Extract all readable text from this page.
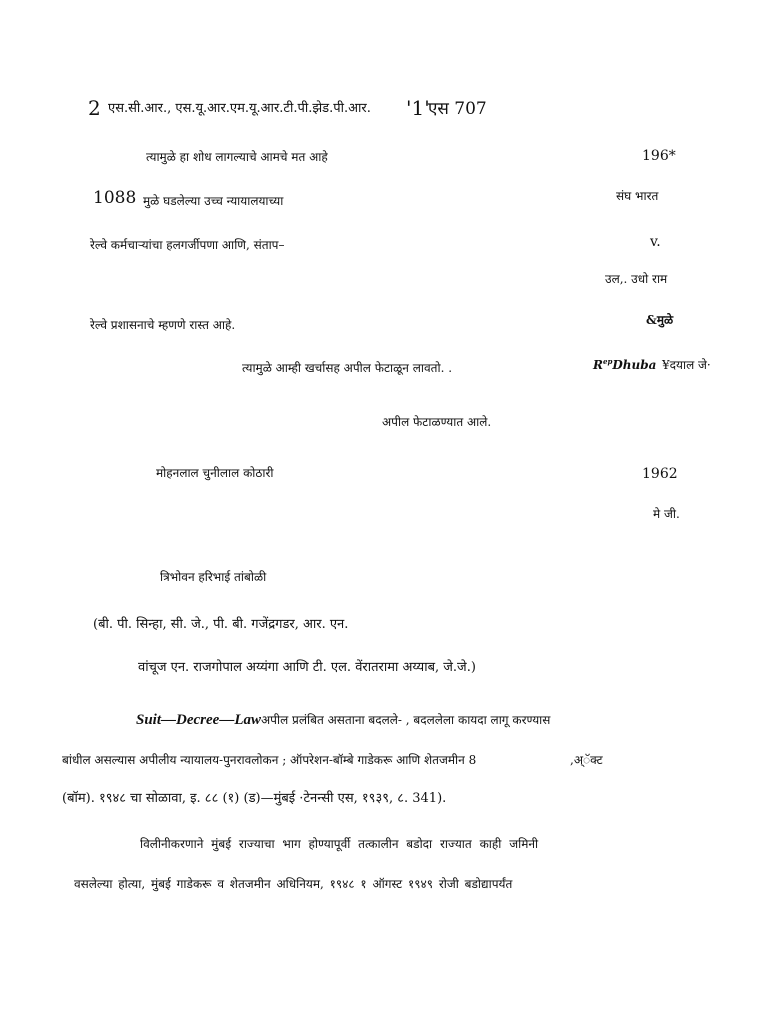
2 एस.सी.आर., एस.यू.आर.एम.यू.आर.टी.पी.झेड.पी.आर. '1'
एस 707
त्यामुळे हा शोध लागल्याचे आमचे मत आहे	196*
1088 मुळे घडलेल्या उच्च न्यायालयाच्या	संघ भारत
रेल्वे कर्मचाऱ्यांचा हलगर्जीपणा आणि, संताप–	v.
उल,. उधो राम
रेल्वे प्रशासनाचे म्हणणे रास्त आहे.	&मुळे
त्यामुळे आम्ही खर्चासह अपील फेटाळून लावतो. .	$R^{ep}Dhuba$ ¥दयाल जे·
अपील फेटाळण्यात आले.
मोहनलाल चुनीलाल कोठारी	1962
मे जी.
त्रिभोवन हरिभाई तांबोळी
(बी. पी. सिन्हा, सी. जे., पी. बी. गजेंद्रगडर, आर. एन.
वांचूज एन. राजगोपाल अय्यंगा आणि टी. एल. वेंरातरामा अय्याब, जे.जे.)
Suit—Decree—Lawअपील प्रलंबित असताना बदलले- , बदललेला कायदा लागू करण्यास
बांधील असल्यास अपीलीय न्यायालय-पुनरावलोकन ; ऑपरेशन-बॉम्बे गाडेकरू आणि शेतजमीन 8	,अ्ॅक्ट
(बॉम). १९४८ चा सोळावा, इ. ८८ (१) (ड)—मुंबई ·टेनन्सी एस, १९३९, ८. 341).
विलीनीकरणाने मुंबई राज्याचा भाग होण्यापूर्वी तत्कालीन बडोदा राज्यात काही जमिनी
वसलेल्या होत्या, मुंबई गाडेकरू व शेतजमीन अधिनियम, १९४८ १ ऑगस्ट १९४९ रोजी बडोद्यापर्यंत
